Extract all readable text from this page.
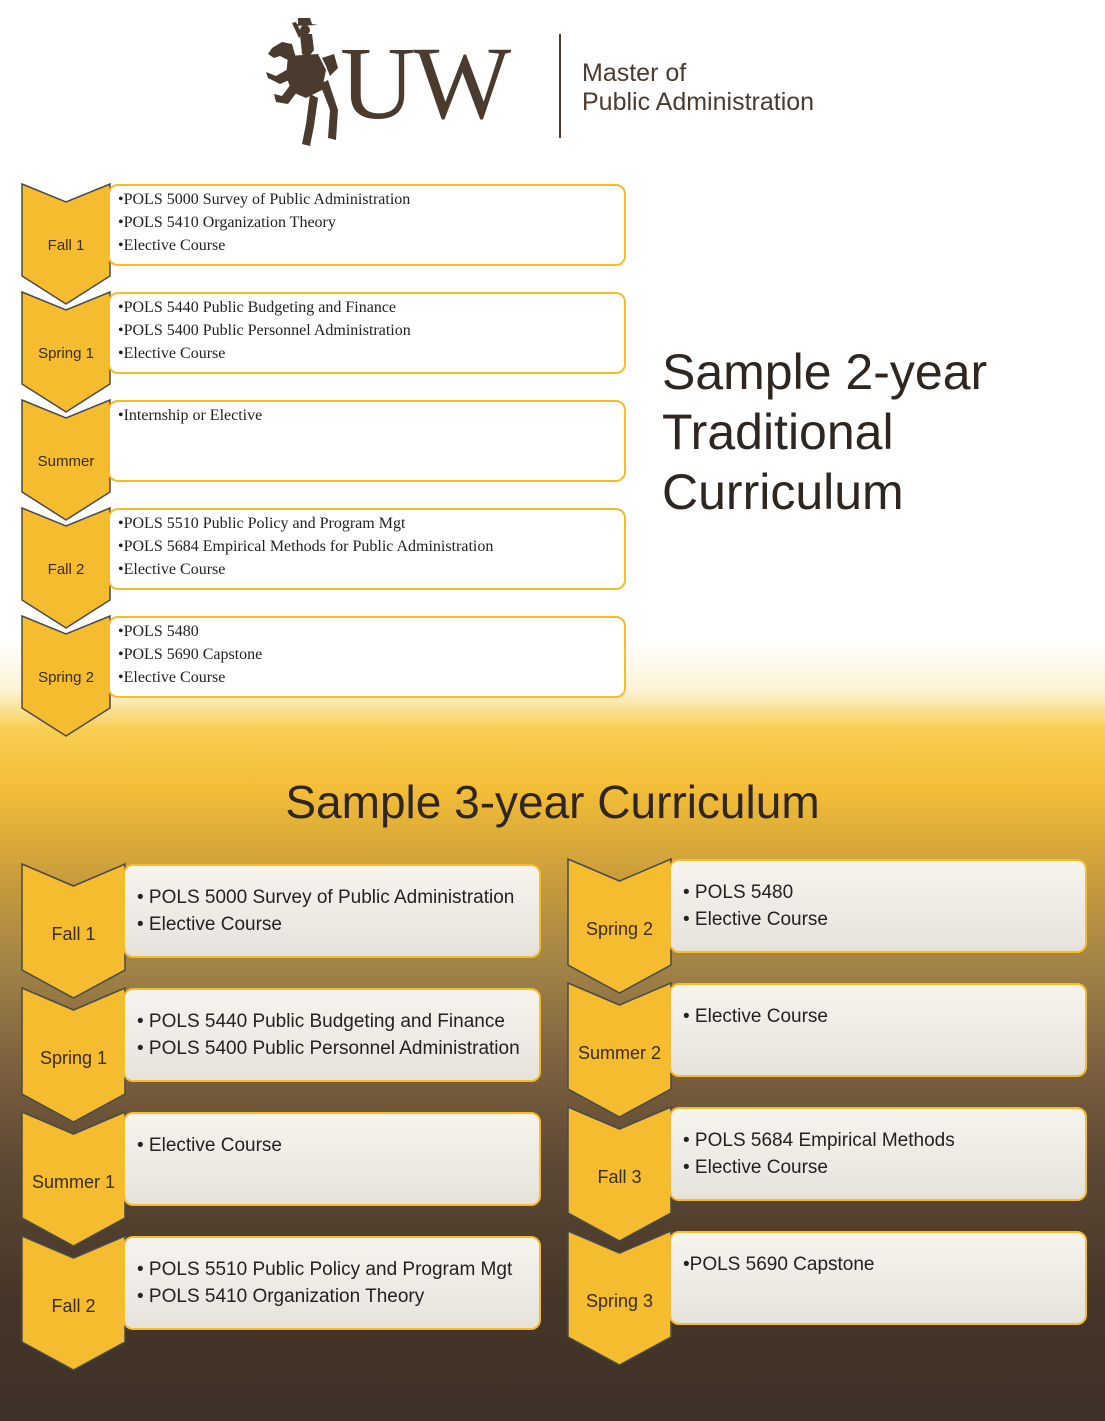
UW	Master of
Public Administration
Sample 2-year
Traditional
Curriculum
Fall 1
•POLS 5000 Survey of Public Administration
•POLS 5410 Organization Theory
•Elective Course
Spring 1
•POLS 5440 Public Budgeting and Finance
•POLS 5400 Public Personnel Administration
•Elective Course
Summer
•Internship or Elective
Fall 2
•POLS 5510 Public Policy and Program Mgt
•POLS 5684 Empirical Methods for Public Administration
•Elective Course
Spring 2
•POLS 5480
•POLS 5690 Capstone
•Elective Course
Sample 3-year Curriculum
Fall 1
• POLS 5000 Survey of Public Administration
• Elective Course
Spring 1
• POLS 5440 Public Budgeting and Finance
• POLS 5400 Public Personnel Administration
Summer 1
• Elective Course
Fall 2
• POLS 5510 Public Policy and Program Mgt
• POLS 5410 Organization Theory
Spring 2
• POLS 5480
• Elective Course
Summer 2
• Elective Course
Fall 3
• POLS 5684 Empirical Methods
• Elective Course
Spring 3
•POLS 5690 Capstone
